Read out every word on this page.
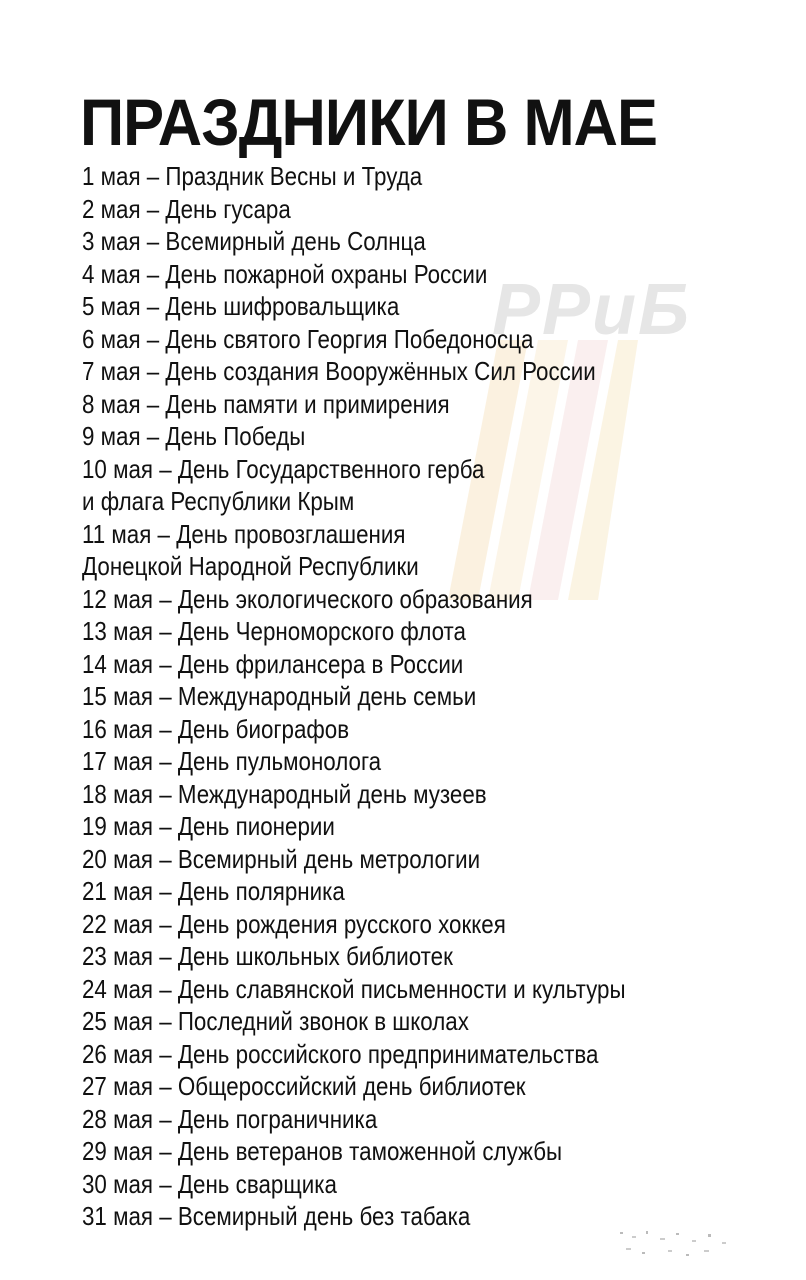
РРиБ
ПРАЗДНИКИ В МАЕ
1 мая – Праздник Весны и Труда
2 мая – День гусара
3 мая – Всемирный день Солнца
4 мая – День пожарной охраны России
5 мая – День шифровальщика
6 мая – День святого Георгия Победоносца
7 мая – День создания Вооружённых Сил России
8 мая – День памяти и примирения
9 мая – День Победы
10 мая – День Государственного герба
и флага Республики Крым
11 мая – День провозглашения
Донецкой Народной Республики
12 мая – День экологического образования
13 мая – День Черноморского флота
14 мая – День фрилансера в России
15 мая – Международный день семьи
16 мая – День биографов
17 мая – День пульмонолога
18 мая – Международный день музеев
19 мая – День пионерии
20 мая – Всемирный день метрологии
21 мая – День полярника
22 мая – День рождения русского хоккея
23 мая – День школьных библиотек
24 мая – День славянской письменности и культуры
25 мая – Последний звонок в школах
26 мая – День российского предпринимательства
27 мая – Общероссийский день библиотек
28 мая – День пограничника
29 мая – День ветеранов таможенной службы
30 мая – День сварщика
31 мая – Всемирный день без табака
